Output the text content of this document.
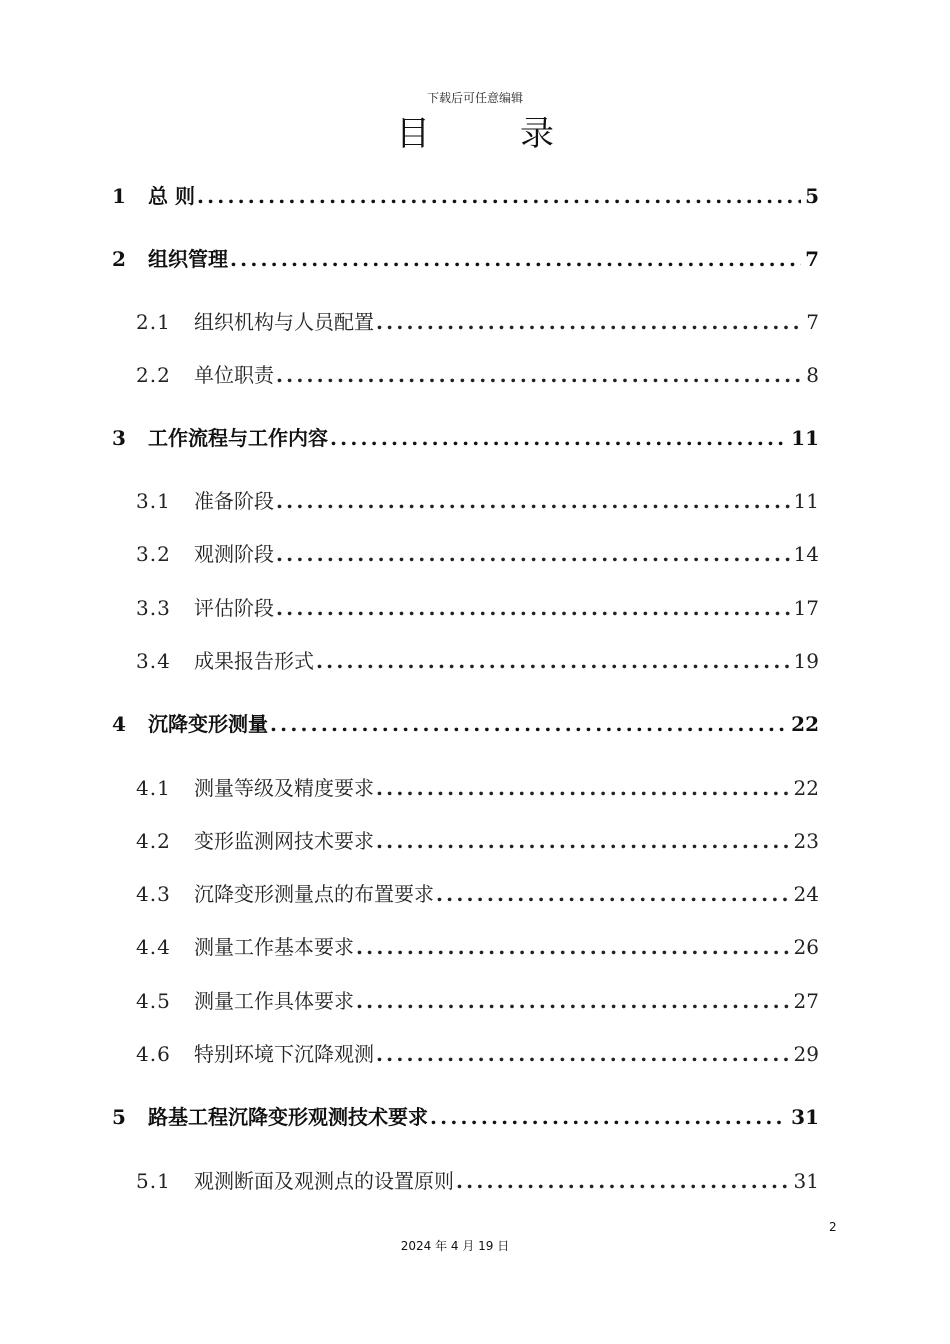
下载后可任意编辑
目	录
1	总 则 .....	5
2	组织管理 .....	7
2.1	组织机构与人员配置 .....	7
2.2	单位职责 .....	8
3	工作流程与工作内容 .....	11
3.1	准备阶段 .....	11
3.2	观测阶段 .....	14
3.3	评估阶段 .....	17
3.4	成果报告形式 .....	19
4	沉降变形测量 .....	22
4.1	测量等级及精度要求 .....	22
4.2	变形监测网技术要求 .....	23
4.3	沉降变形测量点的布置要求 .....	24
4.4	测量工作基本要求 .....	26
4.5	测量工作具体要求 .....	27
4.6	特别环境下沉降观测 .....	29
5	路基工程沉降变形观测技术要求 .....	31
5.1	观测断面及观测点的设置原则 .....	31
2
2024 年 4 月 19 日
